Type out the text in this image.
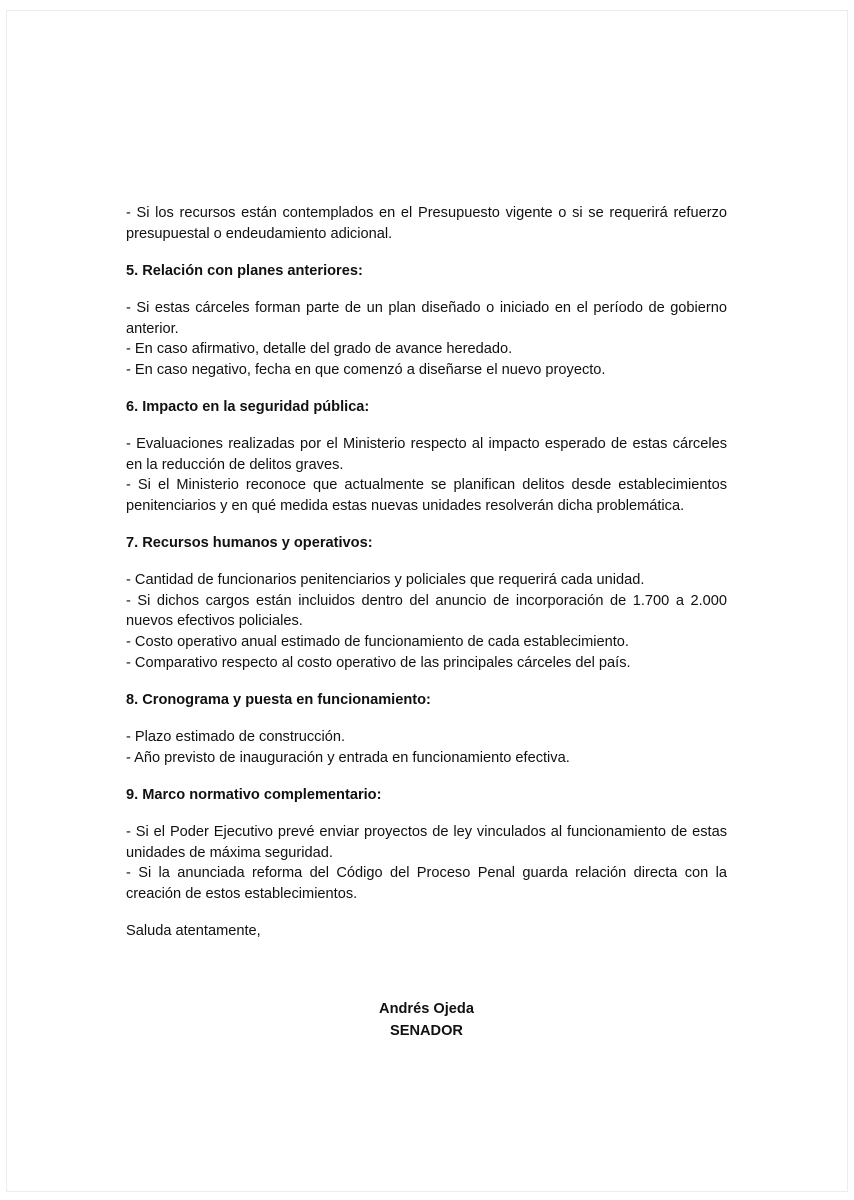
- Si los recursos están contemplados en el Presupuesto vigente o si se requerirá refuerzo presupuestal o endeudamiento adicional.

5. Relación con planes anteriores:

- Si estas cárceles forman parte de un plan diseñado o iniciado en el período de gobierno anterior.

- En caso afirmativo, detalle del grado de avance heredado.

- En caso negativo, fecha en que comenzó a diseñarse el nuevo proyecto.

6. Impacto en la seguridad pública:

- Evaluaciones realizadas por el Ministerio respecto al impacto esperado de estas cárceles en la reducción de delitos graves.

- Si el Ministerio reconoce que actualmente se planifican delitos desde establecimientos penitenciarios y en qué medida estas nuevas unidades resolverán dicha problemática.

7. Recursos humanos y operativos:

- Cantidad de funcionarios penitenciarios y policiales que requerirá cada unidad.

- Si dichos cargos están incluidos dentro del anuncio de incorporación de 1.700 a 2.000 nuevos efectivos policiales.

- Costo operativo anual estimado de funcionamiento de cada establecimiento.

- Comparativo respecto al costo operativo de las principales cárceles del país.

8. Cronograma y puesta en funcionamiento:

- Plazo estimado de construcción.

- Año previsto de inauguración y entrada en funcionamiento efectiva.

9. Marco normativo complementario:

- Si el Poder Ejecutivo prevé enviar proyectos de ley vinculados al funcionamiento de estas unidades de máxima seguridad.

- Si la anunciada reforma del Código del Proceso Penal guarda relación directa con la creación de estos establecimientos.

Saluda atentamente,

Andrés Ojeda
SENADOR
